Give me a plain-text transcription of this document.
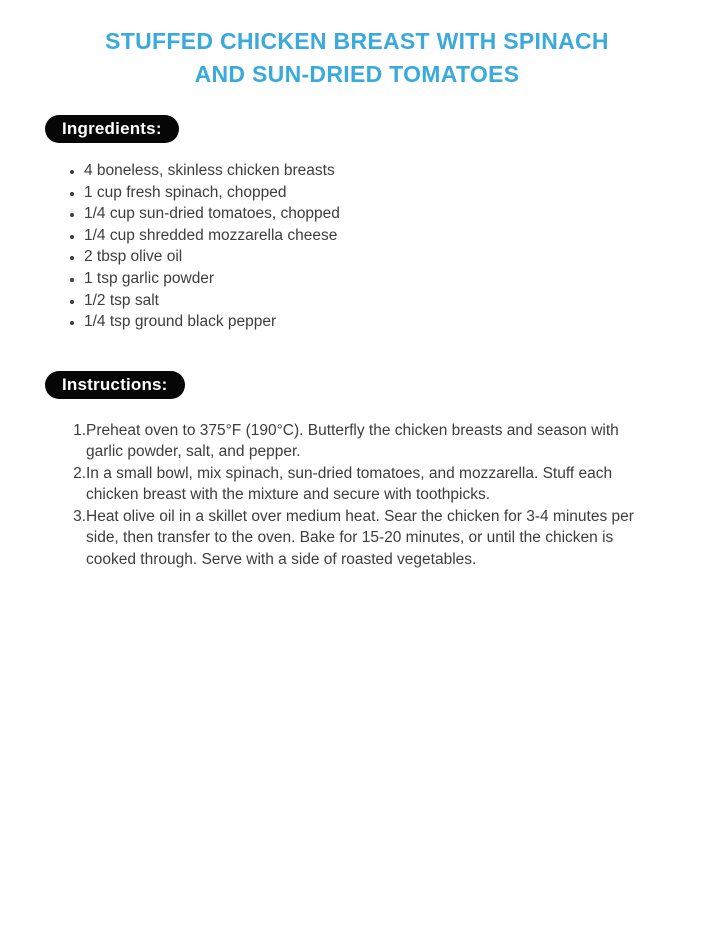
STUFFED CHICKEN BREAST WITH SPINACH
AND SUN-DRIED TOMATOES
Ingredients:
• 4 boneless, skinless chicken breasts
• 1 cup fresh spinach, chopped
• 1/4 cup sun-dried tomatoes, chopped
• 1/4 cup shredded mozzarella cheese
• 2 tbsp olive oil
• 1 tsp garlic powder
• 1/2 tsp salt
• 1/4 tsp ground black pepper
Instructions:
1. Preheat oven to 375°F (190°C). Butterfly the chicken breasts and season with garlic powder, salt, and pepper.
2. In a small bowl, mix spinach, sun-dried tomatoes, and mozzarella. Stuff each chicken breast with the mixture and secure with toothpicks.
3. Heat olive oil in a skillet over medium heat. Sear the chicken for 3-4 minutes per side, then transfer to the oven. Bake for 15-20 minutes, or until the chicken is cooked through. Serve with a side of roasted vegetables.
